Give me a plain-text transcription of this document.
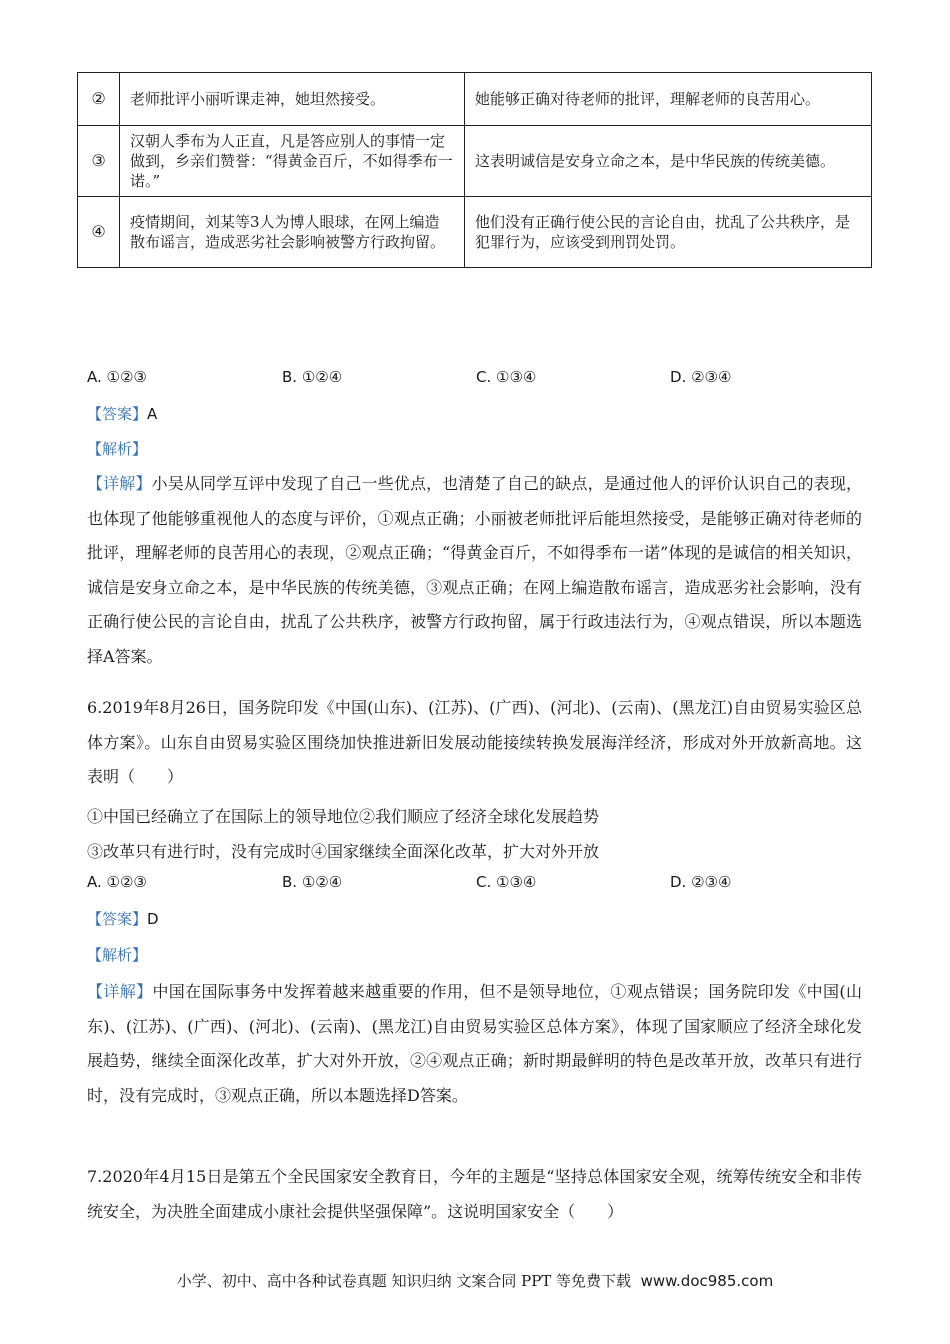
②	老师批评小丽听课走神，她坦然接受。	她能够正确对待老师的批评，理解老师的良苦用心。
③	汉朝人季布为人正直，凡是答应别人的事情一定做到，乡亲们赞誉：“得黄金百斤，不如得季布一诺。”	这表明诚信是安身立命之本，是中华民族的传统美德。
④	疫情期间，刘某等3人为博人眼球，在网上编造散布谣言，造成恶劣社会影响被警方行政拘留。	他们没有正确行使公民的言论自由，扰乱了公共秩序，是犯罪行为，应该受到刑罚处罚。
A. ①②③	B. ①②④	C. ①③④	D. ②③④
【答案】A
【解析】
【详解】小吴从同学互评中发现了自己一些优点，也清楚了自己的缺点，是通过他人的评价认识自己的表现，也体现了他能够重视他人的态度与评价，①观点正确；小丽被老师批评后能坦然接受，是能够正确对待老师的批评，理解老师的良苦用心的表现，②观点正确；“得黄金百斤，不如得季布一诺”体现的是诚信的相关知识，诚信是安身立命之本，是中华民族的传统美德，③观点正确；在网上编造散布谣言，造成恶劣社会影响，没有正确行使公民的言论自由，扰乱了公共秩序，被警方行政拘留，属于行政违法行为，④观点错误，所以本题选择A答案。
6.2019年8月26日，国务院印发《中国(山东)、(江苏)、(广西)、(河北)、(云南)、(黑龙江)自由贸易实验区总体方案》。山东自由贸易实验区围绕加快推进新旧发展动能接续转换发展海洋经济，形成对外开放新高地。这表明（　　）
①中国已经确立了在国际上的领导地位②我们顺应了经济全球化发展趋势
③改革只有进行时，没有完成时④国家继续全面深化改革，扩大对外开放
A. ①②③	B. ①②④	C. ①③④	D. ②③④
【答案】D
【解析】
【详解】中国在国际事务中发挥着越来越重要的作用，但不是领导地位，①观点错误；国务院印发《中国(山东)、(江苏)、(广西)、(河北)、(云南)、(黑龙江)自由贸易实验区总体方案》，体现了国家顺应了经济全球化发展趋势，继续全面深化改革，扩大对外开放，②④观点正确；新时期最鲜明的特色是改革开放，改革只有进行时，没有完成时，③观点正确，所以本题选择D答案。
7.2020年4月15日是第五个全民国家安全教育日，今年的主题是“坚持总体国家安全观，统筹传统安全和非传统安全，为决胜全面建成小康社会提供坚强保障”。这说明国家安全（　　）
小学、初中、高中各种试卷真题 知识归纳 文案合同 PPT 等免费下载 www.doc985.com
